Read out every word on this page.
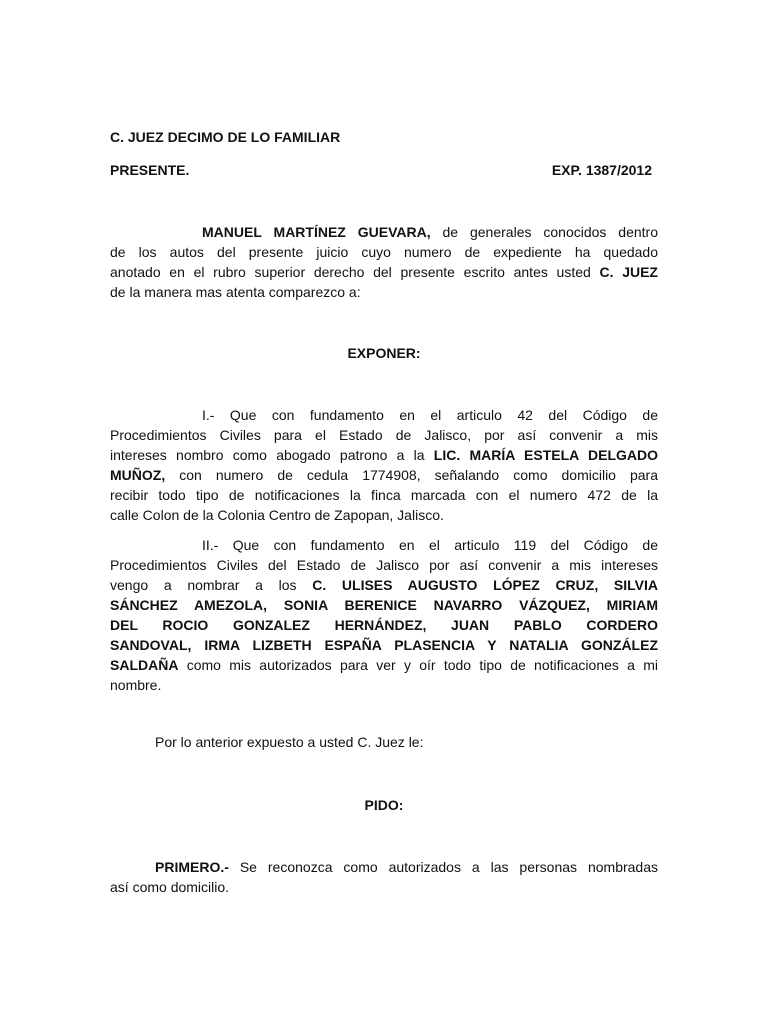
C. JUEZ DECIMO DE LO FAMILIAR
PRESENTE.	EXP. 1387/2012
MANUEL MARTÍNEZ GUEVARA, de generales conocidos dentro
de los autos del presente juicio cuyo numero de expediente ha quedado
anotado en el rubro superior derecho del presente escrito antes usted C. JUEZ
de la manera mas atenta comparezco a:
EXPONER:
I.- Que con fundamento en el articulo 42 del Código de
Procedimientos Civiles para el Estado de Jalisco, por así convenir a mis
intereses nombro como abogado patrono a la LIC. MARÍA ESTELA DELGADO
MUÑOZ, con numero de cedula 1774908, señalando como domicilio para
recibir todo tipo de notificaciones la finca marcada con el numero 472 de la
calle Colon de la Colonia Centro de Zapopan, Jalisco.
II.- Que con fundamento en el articulo 119 del Código de
Procedimientos Civiles del Estado de Jalisco por así convenir a mis intereses
vengo a nombrar a los C. ULISES AUGUSTO LÓPEZ CRUZ, SILVIA
SÁNCHEZ AMEZOLA, SONIA BERENICE NAVARRO VÁZQUEZ, MIRIAM
DEL ROCIO GONZALEZ HERNÁNDEZ, JUAN PABLO CORDERO
SANDOVAL, IRMA LIZBETH ESPAÑA PLASENCIA Y NATALIA GONZÁLEZ
SALDAÑA como mis autorizados para ver y oír todo tipo de notificaciones a mi
nombre.
Por lo anterior expuesto a usted C. Juez le:
PIDO:
PRIMERO.- Se reconozca como autorizados a las personas nombradas
así como domicilio.
